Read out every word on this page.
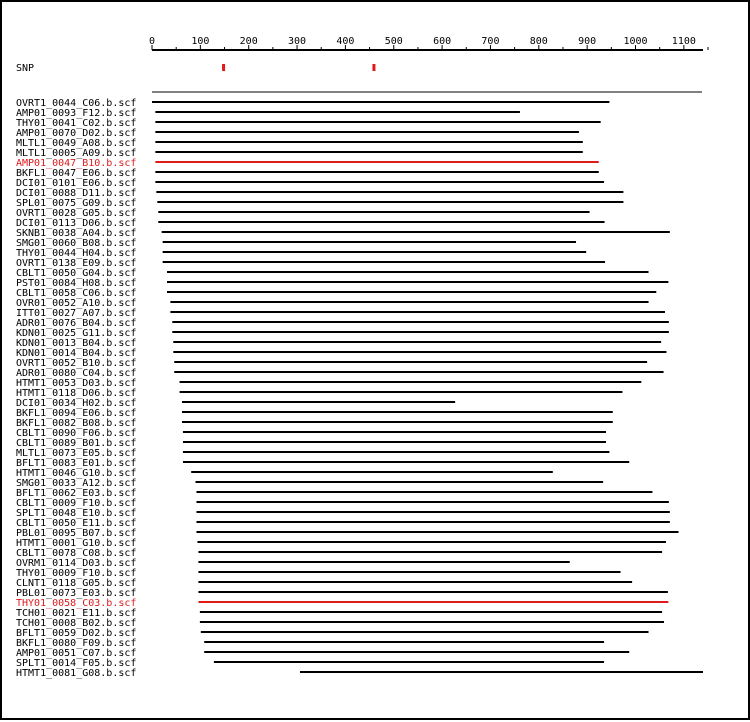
0	100	200	300	400	500	600	700	800	900	1000 1100
SNP
OVRT1_0044_C06.b.scf
AMP01_0093_F12.b.scf
THY01_0041_C02.b.scf
AMP01_0070_D02.b.scf
MLTL1_0049_A08.b.scf
MLTL1_0005_A09.b.scf
AMP01_0047_B10.b.scf
BKFL1_0047_E06.b.scf
DCI01_0101_E06.b.scf
DCI01_0088_D11.b.scf
SPL01_0075_G09.b.scf
OVRT1_0028_G05.b.scf
DCI01_0113_D06.b.scf
SKNB1_0038_A04.b.scf
SMG01_0060_B08.b.scf
THY01_0044_H04.b.scf
OVRT1_0138_E09.b.scf
CBLT1_0050_G04.b.scf
PST01_0084_H08.b.scf
CBLT1_0058_C06.b.scf
OVR01_0052_A10.b.scf
ITT01_0027_A07.b.scf
ADR01_0076_B04.b.scf
KDN01_0025_G11.b.scf
KDN01_0013_B04.b.scf
KDN01_0014_B04.b.scf
OVRT1_0052_B10.b.scf
ADR01_0080_C04.b.scf
HTMT1_0053_D03.b.scf
HTMT1_0118_D06.b.scf
DCI01_0034_H02.b.scf
BKFL1_0094_E06.b.scf
BKFL1_0082_B08.b.scf
CBLT1_0090_F06.b.scf
CBLT1_0089_B01.b.scf
MLTL1_0073_E05.b.scf
BFLT1_0083_E01.b.scf
HTMT1_0046_G10.b.scf
SMG01_0033_A12.b.scf
BFLT1_0062_E03.b.scf
CBLT1_0009_F10.b.scf
SPLT1_0048_E10.b.scf
CBLT1_0050_E11.b.scf
PBL01_0095_B07.b.scf
HTMT1_0001_G10.b.scf
CBLT1_0078_C08.b.scf
OVRM1_0114_D03.b.scf
THY01_0009_F10.b.scf
CLNT1_0118_G05.b.scf
PBL01_0073_E03.b.scf
THY01_0058_C03.b.scf
TCH01_0021_E11.b.scf
TCH01_0008_B02.b.scf
BFLT1_0059_D02.b.scf
BKFL1_0080_F09.b.scf
AMP01_0051_C07.b.scf
SPLT1_0014_F05.b.scf
HTMT1_0081_G08.b.scf
